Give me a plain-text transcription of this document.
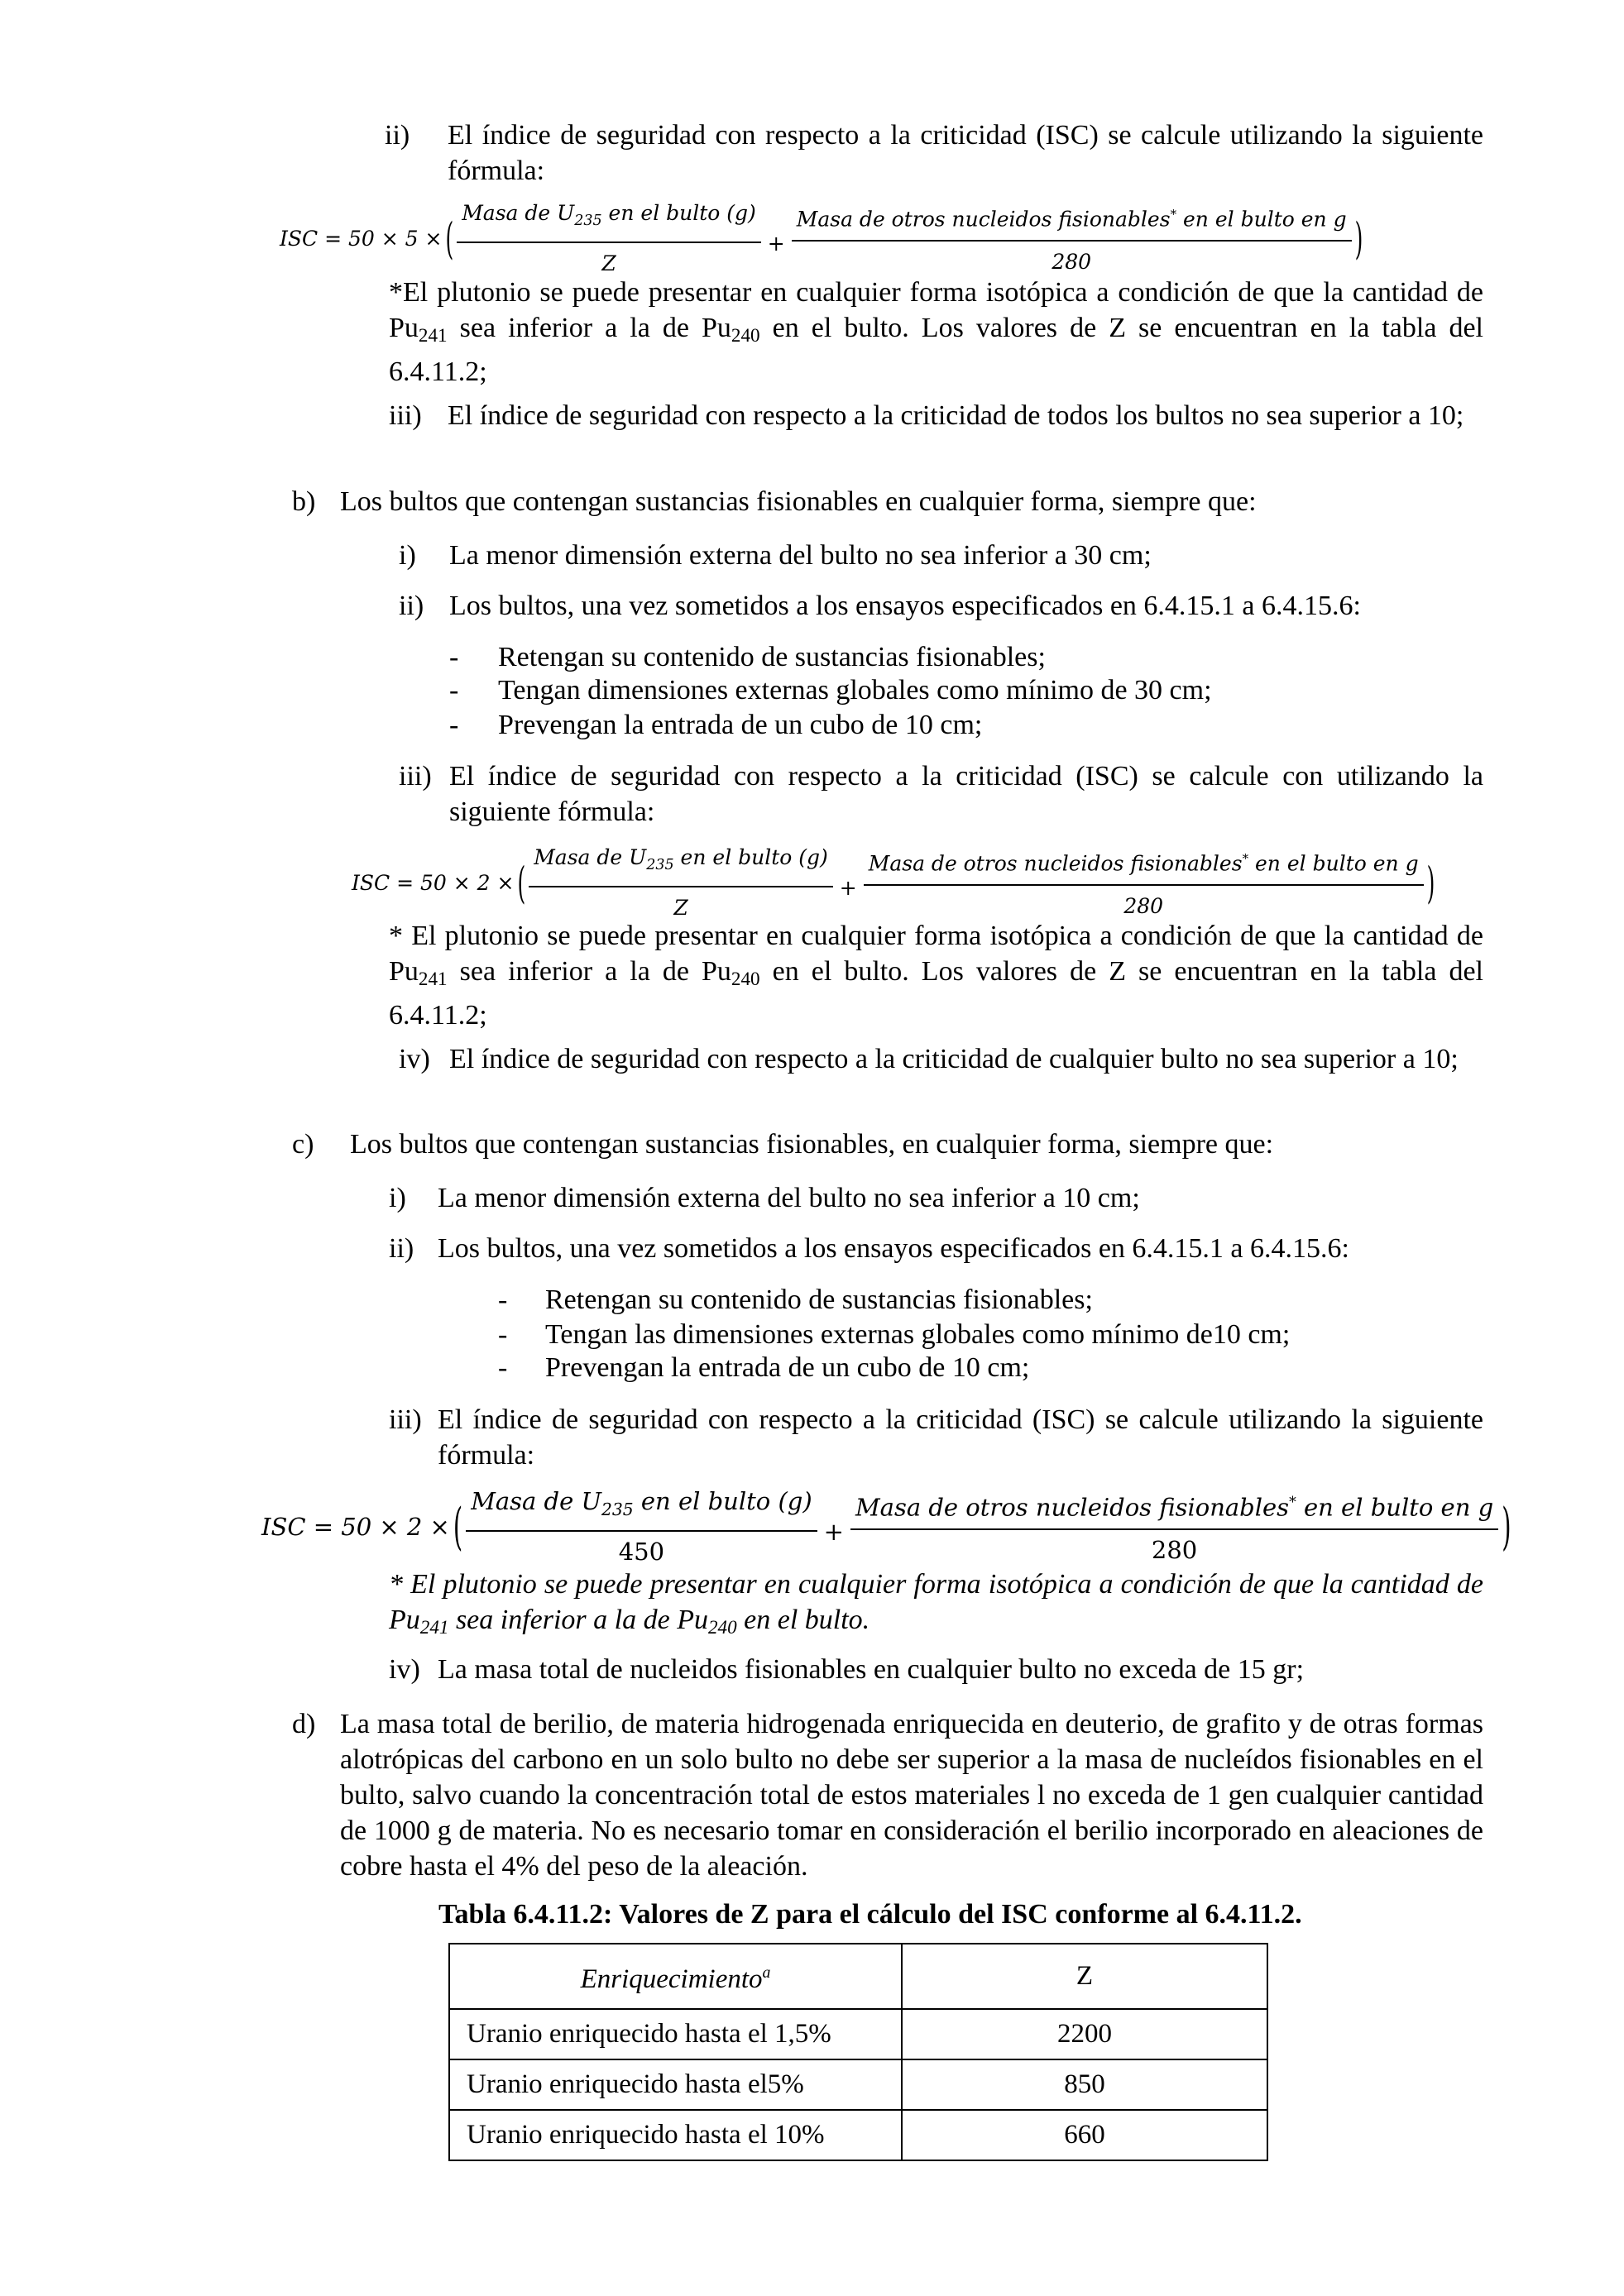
ii) El índice de seguridad con respecto a la criticidad (ISC) se calcule utilizando la siguiente fórmula:
ISC = 50 × 5 × ( $\frac{Masa de U_{235} en el bulto (g)}{Z} + \frac{Masa de otros nucleidos fisionables^* en el bulto en g}{280}$ )
*El plutonio se puede presentar en cualquier forma isotópica a condición de que la cantidad de Pu241 sea inferior a la de Pu240 en el bulto. Los valores de Z se encuentran en la tabla del 6.4.11.2;
iii) El índice de seguridad con respecto a la criticidad de todos los bultos no sea superior a 10;
b) Los bultos que contengan sustancias fisionables en cualquier forma, siempre que:
i) La menor dimensión externa del bulto no sea inferior a 30 cm;
ii) Los bultos, una vez sometidos a los ensayos especificados en 6.4.15.1 a 6.4.15.6:
- Retengan su contenido de sustancias fisionables;
- Tengan dimensiones externas globales como mínimo de 30 cm;
- Prevengan la entrada de un cubo de 10 cm;
iii) El índice de seguridad con respecto a la criticidad (ISC) se calcule con utilizando la siguiente fórmula:
ISC = 50 × 2 × ( $\frac{Masa de U_{235} en el bulto (g)}{Z} + \frac{Masa de otros nucleidos fisionables^* en el bulto en g}{280}$ )
* El plutonio se puede presentar en cualquier forma isotópica a condición de que la cantidad de Pu241 sea inferior a la de Pu240 en el bulto. Los valores de Z se encuentran en la tabla del 6.4.11.2;
iv) El índice de seguridad con respecto a la criticidad de cualquier bulto no sea superior a 10;
c) Los bultos que contengan sustancias fisionables, en cualquier forma, siempre que:
i) La menor dimensión externa del bulto no sea inferior a 10 cm;
ii) Los bultos, una vez sometidos a los ensayos especificados en 6.4.15.1 a 6.4.15.6:
- Retengan su contenido de sustancias fisionables;
- Tengan las dimensiones externas globales como mínimo de10 cm;
- Prevengan la entrada de un cubo de 10 cm;
iii) El índice de seguridad con respecto a la criticidad (ISC) se calcule utilizando la siguiente fórmula:
ISC = 50 × 2 × ( $\frac{Masa de U_{235} en el bulto (g)}{450} + \frac{Masa de otros nucleidos fisionables^* en el bulto en g}{280}$ )
* El plutonio se puede presentar en cualquier forma isotópica a condición de que la cantidad de Pu241 sea inferior a la de Pu240 en el bulto.
iv) La masa total de nucleidos fisionables en cualquier bulto no exceda de 15 gr;
d) La masa total de berilio, de materia hidrogenada enriquecida en deuterio, de grafito y de otras formas alotrópicas del carbono en un solo bulto no debe ser superior a la masa de nucleídos fisionables en el bulto, salvo cuando la concentración total de estos materiales l no exceda de 1 gen cualquier cantidad de 1000 g de materia. No es necesario tomar en consideración el berilio incorporado en aleaciones de cobre hasta el 4% del peso de la aleación.
Tabla 6.4.11.2: Valores de Z para el cálculo del ISC conforme al 6.4.11.2.
Enriquecimiento$^a$	Z
Uranio enriquecido hasta el 1,5%	2200
Uranio enriquecido hasta el5%	850
Uranio enriquecido hasta el 10%	660
